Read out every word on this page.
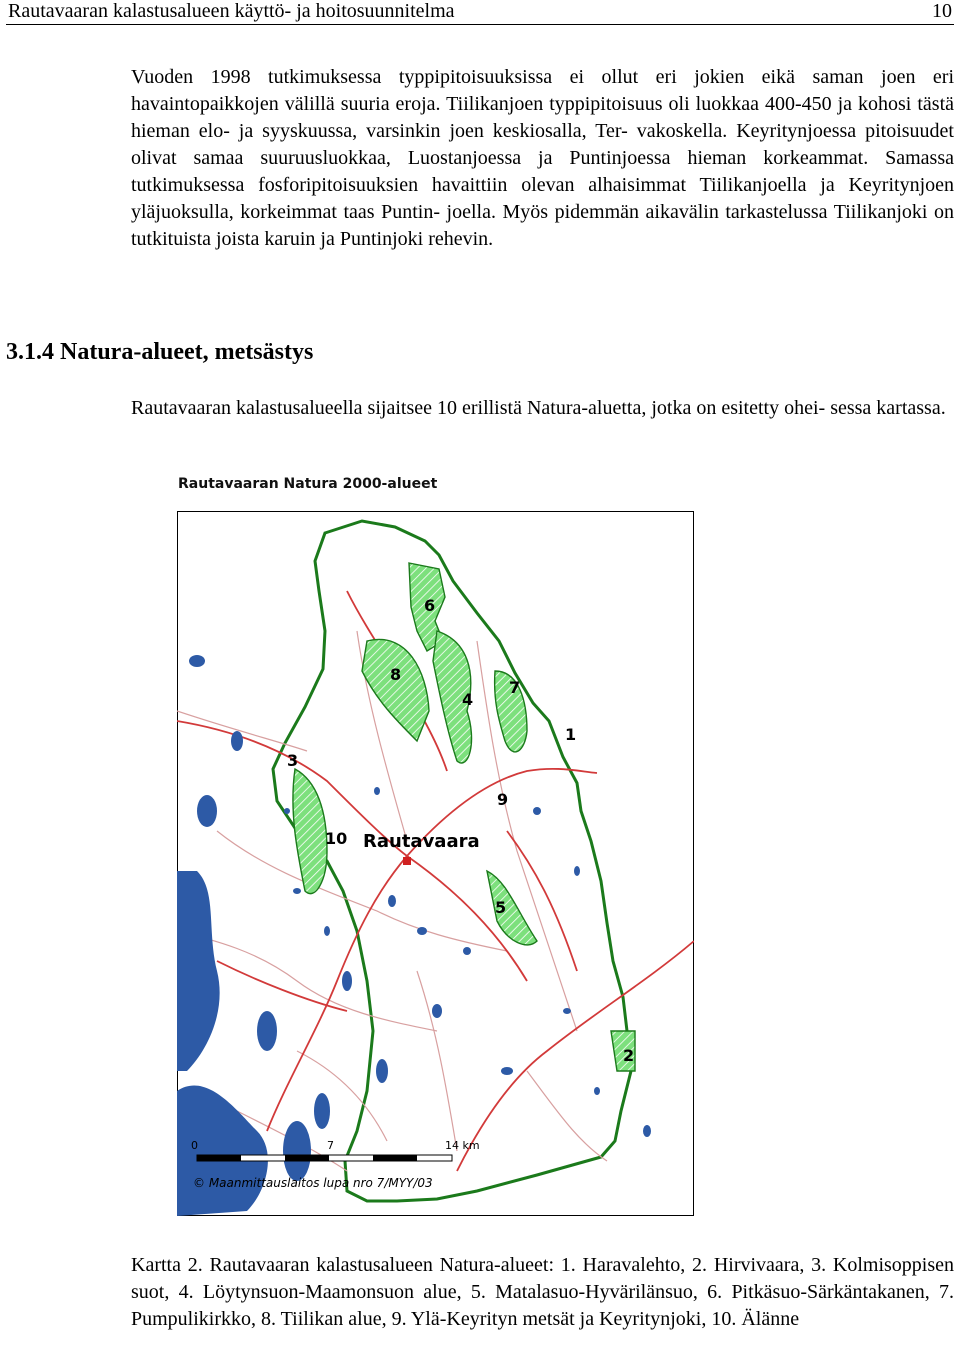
Rautavaaran kalastusalueen käyttö- ja hoitosuunnitelma	10

Vuoden 1998 tutkimuksessa typpipitoisuuksissa ei ollut eri jokien eikä saman joen eri havaintopaikkojen välillä suuria eroja. Tiilikanjoen typpipitoisuus oli luokkaa 400-450 ja kohosi tästä hieman elo- ja syyskuussa, varsinkin joen keskiosalla, Ter- vakoskella. Keyritynjoessa pitoisuudet olivat samaa suuruusluokkaa, Luostanjoessa ja Puntinjoessa hieman korkeammat. Samassa tutkimuksessa fosforipitoisuuksien havaittiin olevan alhaisimmat Tiilikanjoella ja Keyritynjoen yläjuoksulla, korkeimmat taas Puntin- joella. Myös pidemmän aikavälin tarkastelussa Tiilikanjoki on tutkituista joista karuin ja Puntinjoki rehevin.

3.1.4 Natura-alueet, metsästys

Rautavaaran kalastusalueella sijaitsee 10 erillistä Natura-aluetta, jotka on esitetty ohei- sessa kartassa.

Rautavaaran Natura 2000-alueet
1
2
3
4
5
6
7
8
9
10 Rautavaara
0	7	14 km
© Maanmittauslaitos lupa nro 7/MYY/03

Kartta 2. Rautavaaran kalastusalueen Natura-alueet: 1. Haravalehto, 2. Hirvivaara, 3. Kolmisoppisen suot, 4. Löytynsuon-Maamonsuon alue, 5. Matalasuo-Hyvärilänsuo, 6. Pitkäsuo-Särkäntakanen, 7. Pumpulikirkko, 8. Tiilikan alue, 9. Ylä-Keyrityn metsät ja Keyritynjoki, 10. Älänne
